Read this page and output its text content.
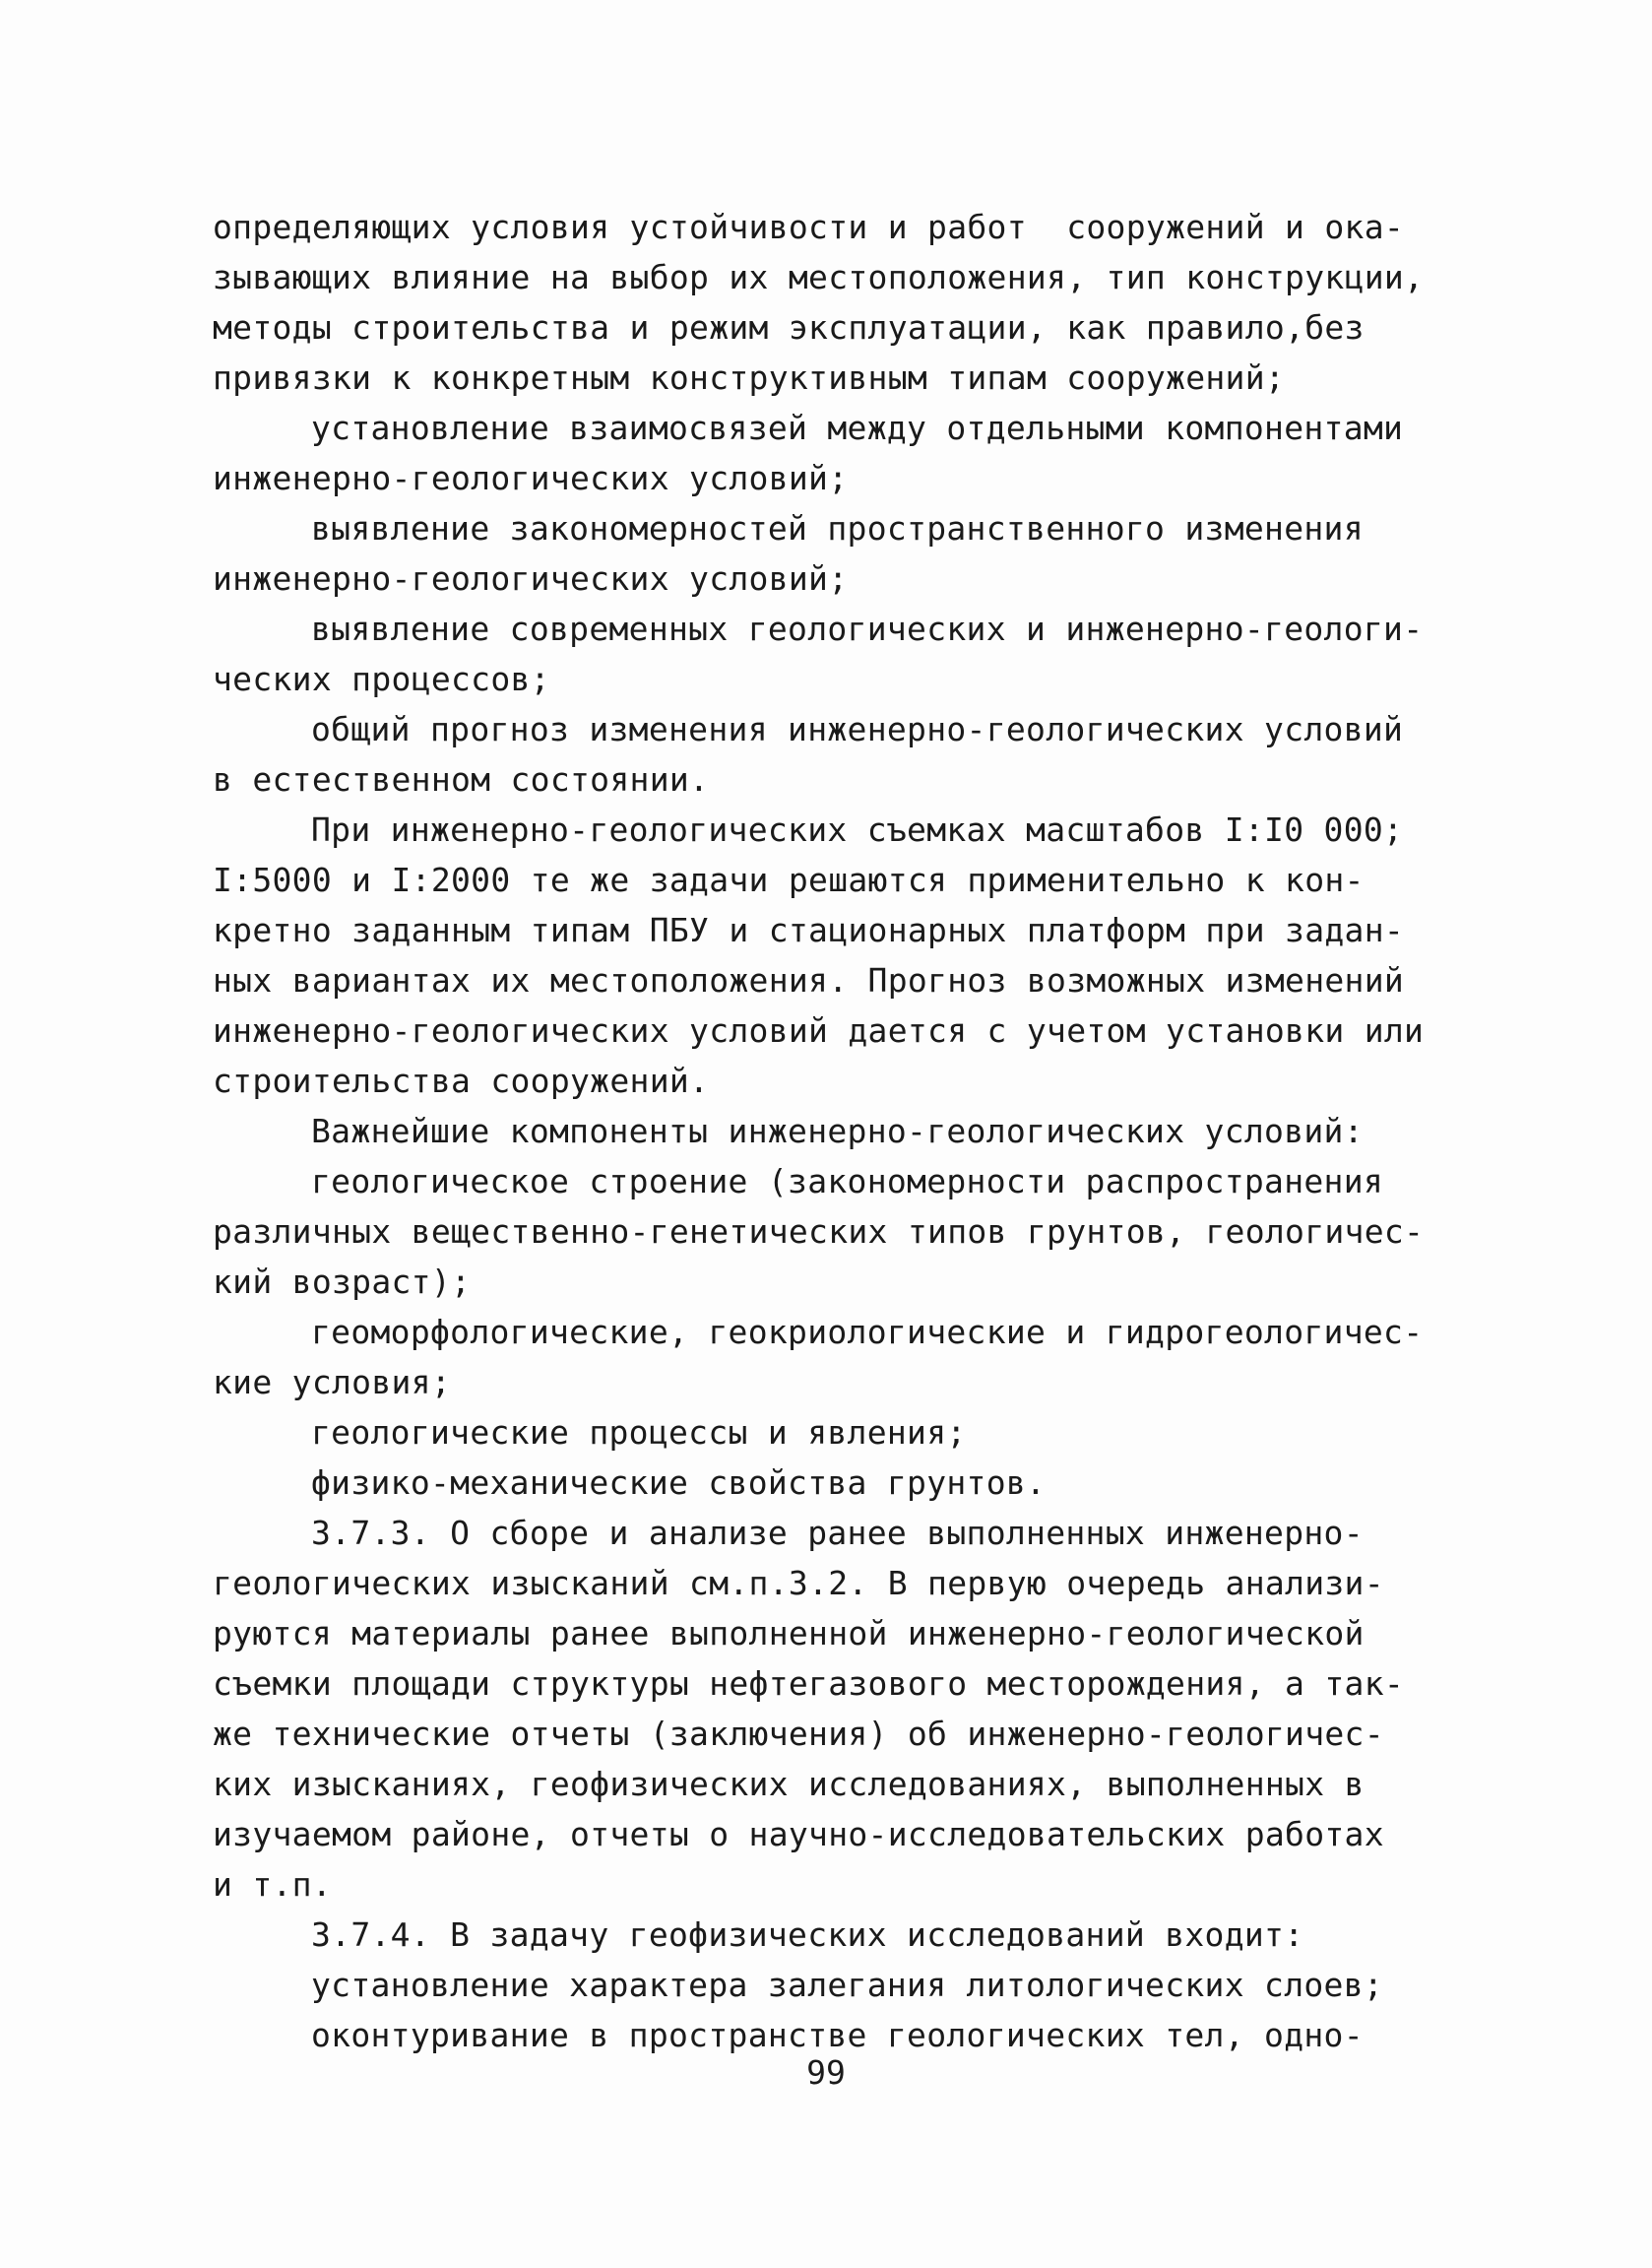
определяющих условия устойчивости и работ  сооружений и ока-
зывающих влияние на выбор их местоположения, тип конструкции,
методы строительства и режим эксплуатации, как правило,без
привязки к конкретным конструктивным типам сооружений;
установление взаимосвязей между отдельными компонентами
инженерно-геологических условий;
выявление закономерностей пространственного изменения
инженерно-геологических условий;
выявление современных геологических и инженерно-геологи-
ческих процессов;
общий прогноз изменения инженерно-геологических условий
в естественном состоянии.
При инженерно-геологических съемках масштабов I:I0 000;
I:5000 и I:2000 те же задачи решаются применительно к кон-
кретно заданным типам ПБУ и стационарных платформ при задан-
ных вариантах их местоположения. Прогноз возможных изменений
инженерно-геологических условий дается с учетом установки или
строительства сооружений.
Важнейшие компоненты инженерно-геологических условий:
геологическое строение (закономерности распространения
различных вещественно-генетических типов грунтов, геологичес-
кий возраст);
геоморфологические, геокриологические и гидрогеологичес-
кие условия;
геологические процессы и явления;
физико-механические свойства грунтов.
3.7.3. О сборе и анализе ранее выполненных инженерно-
геологических изысканий см.п.3.2. В первую очередь анализи-
руются материалы ранее выполненной инженерно-геологической
съемки площади структуры нефтегазового месторождения, а так-
же технические отчеты (заключения) об инженерно-геологичес-
ких изысканиях, геофизических исследованиях, выполненных в
изучаемом районе, отчеты о научно-исследовательских работах
и т.п.
3.7.4. В задачу геофизических исследований входит:
установление характера залегания литологических слоев;
оконтуривание в пространстве геологических тел, одно-
99
